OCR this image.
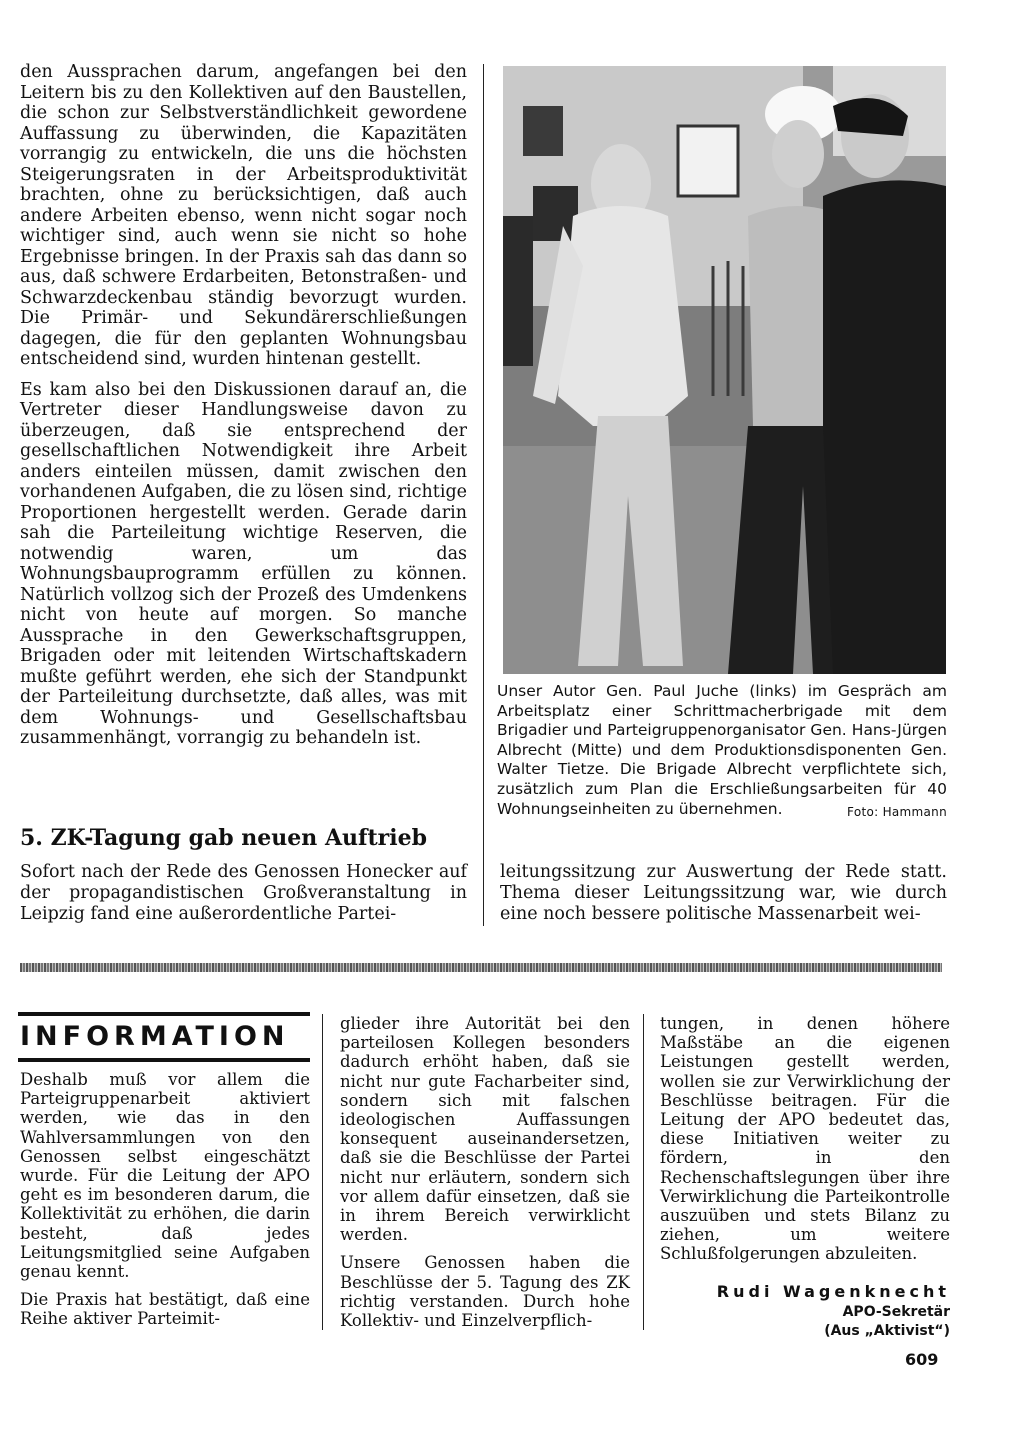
den Aussprachen darum, angefangen bei den Leitern bis zu den Kollektiven auf den Baustellen, die schon zur Selbstverständlichkeit gewordene Auffassung zu überwinden, die Kapazitäten vorrangig zu entwickeln, die uns die höchsten Steigerungsraten in der Arbeitsproduktivität brachten, ohne zu berücksichtigen, daß auch andere Arbeiten ebenso, wenn nicht sogar noch wichtiger sind, auch wenn sie nicht so hohe Ergebnisse bringen. In der Praxis sah das dann so aus, daß schwere Erdarbeiten, Betonstraßen- und Schwarzdeckenbau ständig bevorzugt wurden. Die Primär- und Sekundärerschließungen dagegen, die für den geplanten Wohnungsbau entscheidend sind, wurden hintenan gestellt.

Es kam also bei den Diskussionen darauf an, die Vertreter dieser Handlungsweise davon zu überzeugen, daß sie entsprechend der gesellschaftlichen Notwendigkeit ihre Arbeit anders einteilen müssen, damit zwischen den vorhandenen Aufgaben, die zu lösen sind, richtige Proportionen hergestellt werden. Gerade darin sah die Parteileitung wichtige Reserven, die notwendig waren, um das Wohnungsbauprogramm erfüllen zu können. Natürlich vollzog sich der Prozeß des Umdenkens nicht von heute auf morgen. So manche Aussprache in den Gewerkschaftsgruppen, Brigaden oder mit leitenden Wirtschaftskadern mußte geführt werden, ehe sich der Standpunkt der Parteileitung durchsetzte, daß alles, was mit dem Wohnungs- und Gesellschaftsbau zusammenhängt, vorrangig zu behandeln ist.

Unser Autor Gen. Paul Juche (links) im Gespräch am Arbeitsplatz einer Schrittmacherbrigade mit dem Brigadier und Parteigruppenorganisator Gen. Hans-Jürgen Albrecht (Mitte) und dem Produktionsdisponenten Gen. Walter Tietze. Die Brigade Albrecht verpflichtete sich, zusätzlich zum Plan die Erschließungsarbeiten für 40 Wohnungseinheiten zu übernehmen.	Foto: Hammann
5. ZK-Tagung gab neuen Auftrieb
Sofort nach der Rede des Genossen Honecker auf der propagandistischen Großveranstaltung in Leipzig fand eine außerordentliche Partei-
leitungssitzung zur Auswertung der Rede statt. Thema dieser Leitungssitzung war, wie durch eine noch bessere politische Massenarbeit wei-
INFORMATION

Deshalb muß vor allem die Parteigruppenarbeit aktiviert werden, wie das in den Wahlversammlungen von den Genossen selbst eingeschätzt wurde. Für die Leitung der APO geht es im besonderen darum, die Kollektivität zu erhöhen, die darin besteht, daß jedes Leitungsmitglied seine Aufgaben genau kennt.

Die Praxis hat bestätigt, daß eine Reihe aktiver Parteimit-

glieder ihre Autorität bei den parteilosen Kollegen besonders dadurch erhöht haben, daß sie nicht nur gute Facharbeiter sind, sondern sich mit falschen ideologischen Auffassungen konsequent auseinandersetzen, daß sie die Beschlüsse der Partei nicht nur erläutern, sondern sich vor allem dafür einsetzen, daß sie in ihrem Bereich verwirklicht werden.

Unsere Genossen haben die Beschlüsse der 5. Tagung des ZK richtig verstanden. Durch hohe Kollektiv- und Einzelverpflich-

tungen, in denen höhere Maßstäbe an die eigenen Leistungen gestellt werden, wollen sie zur Verwirklichung der Beschlüsse beitragen. Für die Leitung der APO bedeutet das, diese Initiativen weiter zu fördern, in den Rechenschaftslegungen über ihre Verwirklichung die Parteikontrolle auszuüben und stets Bilanz zu ziehen, um weitere Schlußfolgerungen abzuleiten.

Rudi Wagenknecht
APO-Sekretär
(Aus „Aktivist“)
609
